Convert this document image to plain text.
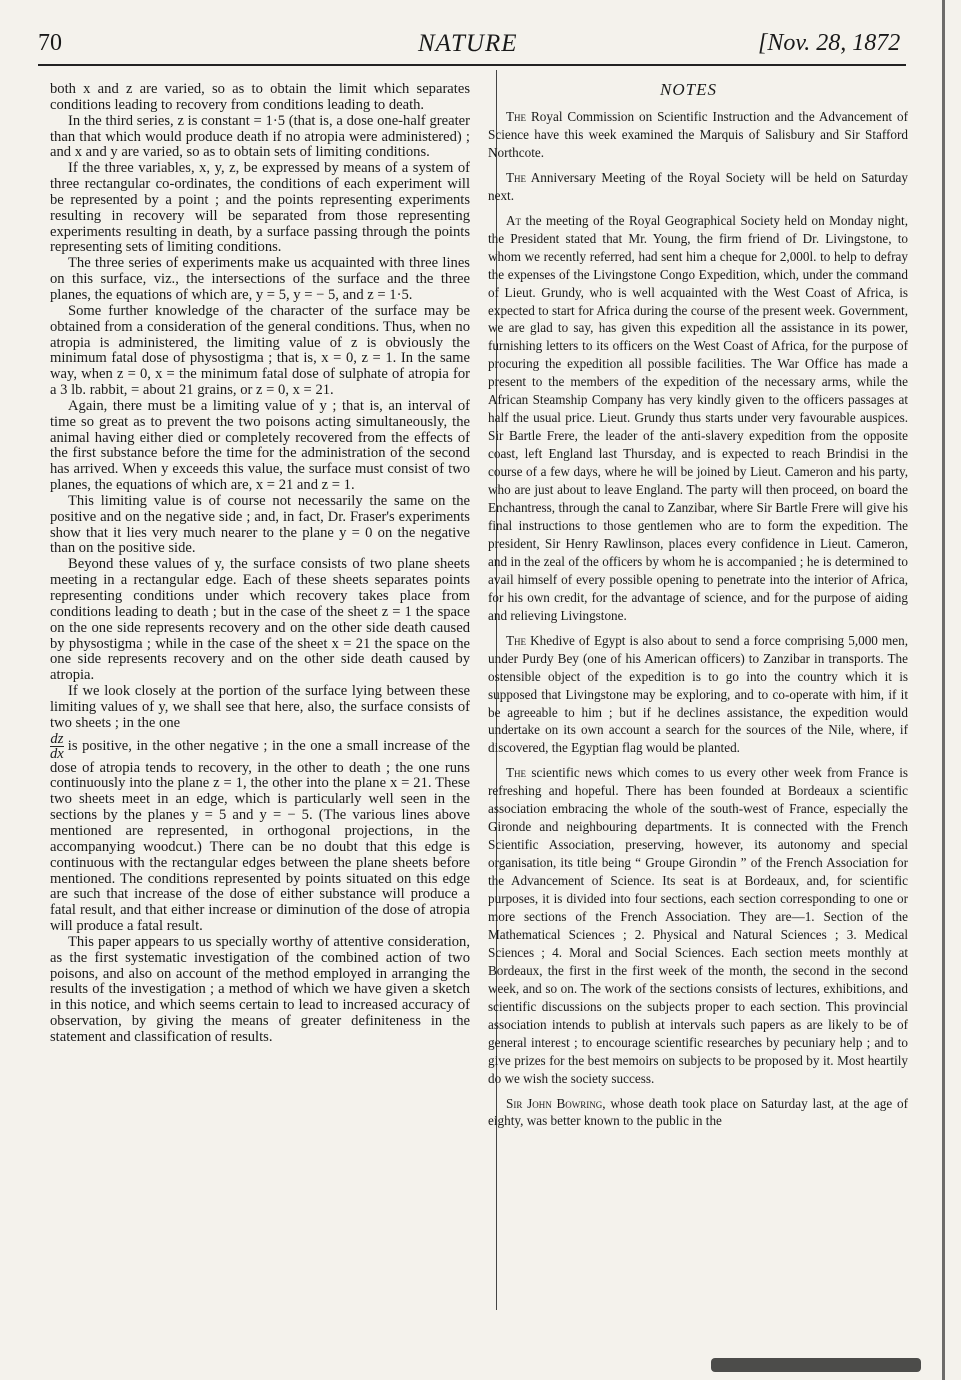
70	NATURE	[Nov. 28, 1872

both x and z are varied, so as to obtain the limit which separates conditions leading to recovery from conditions leading to death.

In the third series, z is constant = 1·5 (that is, a dose one-half greater than that which would produce death if no atropia were administered) ; and x and y are varied, so as to obtain sets of limiting conditions.

If the three variables, x, y, z, be expressed by means of a system of three rectangular co-ordinates, the conditions of each experiment will be represented by a point ; and the points representing experiments resulting in recovery will be separated from those representing experiments resulting in death, by a surface passing through the points representing sets of limiting conditions.

The three series of experiments make us acquainted with three lines on this surface, viz., the intersections of the surface and the three planes, the equations of which are, y = 5, y = − 5, and z = 1·5.

Some further knowledge of the character of the surface may be obtained from a consideration of the general conditions. Thus, when no atropia is administered, the limiting value of z is obviously the minimum fatal dose of physostigma ; that is, x = 0, z = 1. In the same way, when z = 0, x = the minimum fatal dose of sulphate of atropia for a 3 lb. rabbit, = about 21 grains, or z = 0, x = 21.

Again, there must be a limiting value of y ; that is, an interval of time so great as to prevent the two poisons acting simultaneously, the animal having either died or completely recovered from the effects of the first substance before the time for the administration of the second has arrived. When y exceeds this value, the surface must consist of two planes, the equations of which are, x = 21 and z = 1.

This limiting value is of course not necessarily the same on the positive and on the negative side ; and, in fact, Dr. Fraser's experiments show that it lies very much nearer to the plane y = 0 on the negative than on the positive side.

Beyond these values of y, the surface consists of two plane sheets meeting in a rectangular edge. Each of these sheets separates points representing conditions under which recovery takes place from conditions leading to death ; but in the case of the sheet z = 1 the space on the one side represents recovery and on the other side death caused by physostigma ; while in the case of the sheet x = 21 the space on the one side represents recovery and on the other side death caused by atropia.

If we look closely at the portion of the surface lying between these limiting values of y, we shall see that here, also, the surface consists of two sheets ; in the one

$\frac{dz}{dx}$ is positive, in the other negative ; in the one a small increase of the dose of atropia tends to recovery, in the other to death ; the one runs continuously into the plane z = 1, the other into the plane x = 21. These two sheets meet in an edge, which is particularly well seen in the sections by the planes y = 5 and y = − 5. (The various lines above mentioned are represented, in orthogonal projections, in the accompanying woodcut.) There can be no doubt that this edge is continuous with the rectangular edges between the plane sheets before mentioned. The conditions represented by points situated on this edge are such that increase of the dose of either substance will produce a fatal result, and that either increase or diminution of the dose of atropia will produce a fatal result.

This paper appears to us specially worthy of attentive consideration, as the first systematic investigation of the combined action of two poisons, and also on account of the method employed in arranging the results of the investigation ; a method of which we have given a sketch in this notice, and which seems certain to lead to increased accuracy of observation, by giving the means of greater definiteness in the statement and classification of results.

NOTES

The Royal Commission on Scientific Instruction and the Advancement of Science have this week examined the Marquis of Salisbury and Sir Stafford Northcote.

The Anniversary Meeting of the Royal Society will be held on Saturday next.

At the meeting of the Royal Geographical Society held on Monday night, the President stated that Mr. Young, the firm friend of Dr. Livingstone, to whom we recently referred, had sent him a cheque for 2,000l. to help to defray the expenses of the Livingstone Congo Expedition, which, under the command of Lieut. Grundy, who is well acquainted with the West Coast of Africa, is expected to start for Africa during the course of the present week. Government, we are glad to say, has given this expedition all the assistance in its power, furnishing letters to its officers on the West Coast of Africa, for the purpose of procuring the expedition all possible facilities. The War Office has made a present to the members of the expedition of the necessary arms, while the African Steamship Company has very kindly given to the officers passages at half the usual price. Lieut. Grundy thus starts under very favourable auspices. Sir Bartle Frere, the leader of the anti-slavery expedition from the opposite coast, left England last Thursday, and is expected to reach Brindisi in the course of a few days, where he will be joined by Lieut. Cameron and his party, who are just about to leave England. The party will then proceed, on board the Enchantress, through the canal to Zanzibar, where Sir Bartle Frere will give his final instructions to those gentlemen who are to form the expedition. The president, Sir Henry Rawlinson, places every confidence in Lieut. Cameron, and in the zeal of the officers by whom he is accompanied ; he is determined to avail himself of every possible opening to penetrate into the interior of Africa, for his own credit, for the advantage of science, and for the purpose of aiding and relieving Livingstone.

The Khedive of Egypt is also about to send a force comprising 5,000 men, under Purdy Bey (one of his American officers) to Zanzibar in transports. The ostensible object of the expedition is to go into the country which it is supposed that Livingstone may be exploring, and to co-operate with him, if it be agreeable to him ; but if he declines assistance, the expedition would undertake on its own account a search for the sources of the Nile, where, if discovered, the Egyptian flag would be planted.

The scientific news which comes to us every other week from France is refreshing and hopeful. There has been founded at Bordeaux a scientific association embracing the whole of the south-west of France, especially the Gironde and neighbouring departments. It is connected with the French Scientific Association, preserving, however, its autonomy and special organisation, its title being “ Groupe Girondin ” of the French Association for the Advancement of Science. Its seat is at Bordeaux, and, for scientific purposes, it is divided into four sections, each section corresponding to one or more sections of the French Association. They are—1. Section of the Mathematical Sciences ; 2. Physical and Natural Sciences ; 3. Medical Sciences ; 4. Moral and Social Sciences. Each section meets monthly at Bordeaux, the first in the first week of the month, the second in the second week, and so on. The work of the sections consists of lectures, exhibitions, and scientific discussions on the subjects proper to each section. This provincial association intends to publish at intervals such papers as are likely to be of general interest ; to encourage scientific researches by pecuniary help ; and to give prizes for the best memoirs on subjects to be proposed by it. Most heartily do we wish the society success.

Sir John Bowring, whose death took place on Saturday last, at the age of eighty, was better known to the public in the
